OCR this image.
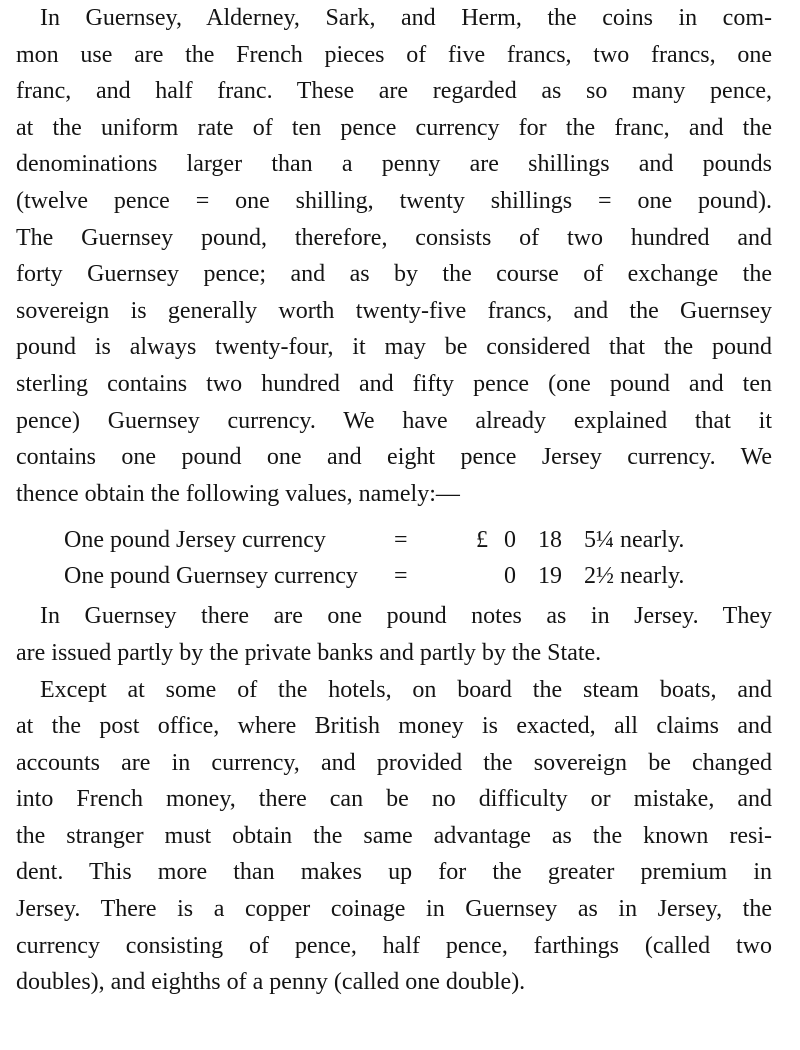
In Guernsey, Alderney, Sark, and Herm, the coins in com-
mon use are the French pieces of five francs, two francs, one
franc, and half franc. These are regarded as so many pence,
at the uniform rate of ten pence currency for the franc, and the
denominations larger than a penny are shillings and pounds
(twelve pence = one shilling, twenty shillings = one pound).
The Guernsey pound, therefore, consists of two hundred and
forty Guernsey pence; and as by the course of exchange the
sovereign is generally worth twenty-five francs, and the Guernsey
pound is always twenty-four, it may be considered that the pound
sterling contains two hundred and fifty pence (one pound and ten
pence) Guernsey currency. We have already explained that it
contains one pound one and eight pence Jersey currency. We
thence obtain the following values, namely:—
One pound Jersey currency	=	£ 0 18 5¼ nearly.
One pound Guernsey currency	=	0 19 2½ nearly.
In Guernsey there are one pound notes as in Jersey. They
are issued partly by the private banks and partly by the State.
Except at some of the hotels, on board the steam boats, and
at the post office, where British money is exacted, all claims and
accounts are in currency, and provided the sovereign be changed
into French money, there can be no difficulty or mistake, and
the stranger must obtain the same advantage as the known resi-
dent. This more than makes up for the greater premium in
Jersey. There is a copper coinage in Guernsey as in Jersey, the
currency consisting of pence, half pence, farthings (called two
doubles), and eighths of a penny (called one double).
